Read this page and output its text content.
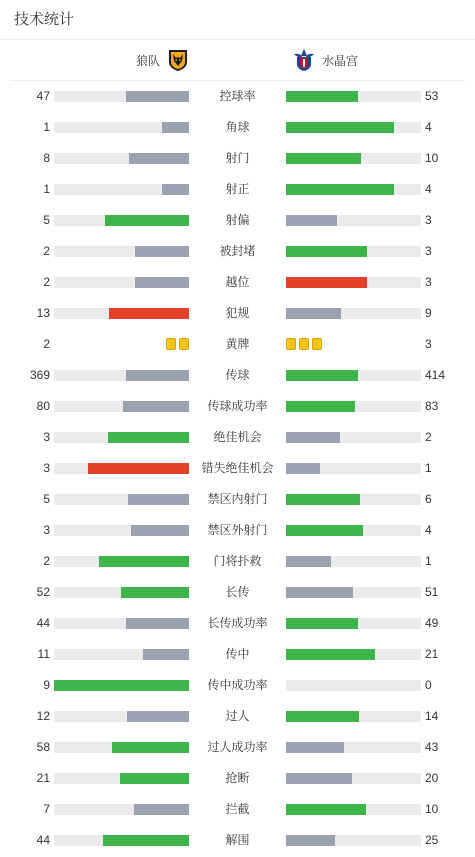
技术统计
狼队	水晶宫
47	控球率	53
1	角球	4
8	射门	10
1	射正	4
5	射偏	3
2	被封堵	3
2	越位	3
13	犯规	9
2	黄牌	3
369	传球	414
80	传球成功率	83
3	绝佳机会	2
3	错失绝佳机会	1
5	禁区内射门	6
3	禁区外射门	4
2	门将扑救	1
52	长传	51
44	长传成功率	49
11	传中	21
9	传中成功率	0
12	过人	14
58	过人成功率	43
21	抢断	20
7	拦截	10
44	解围	25
